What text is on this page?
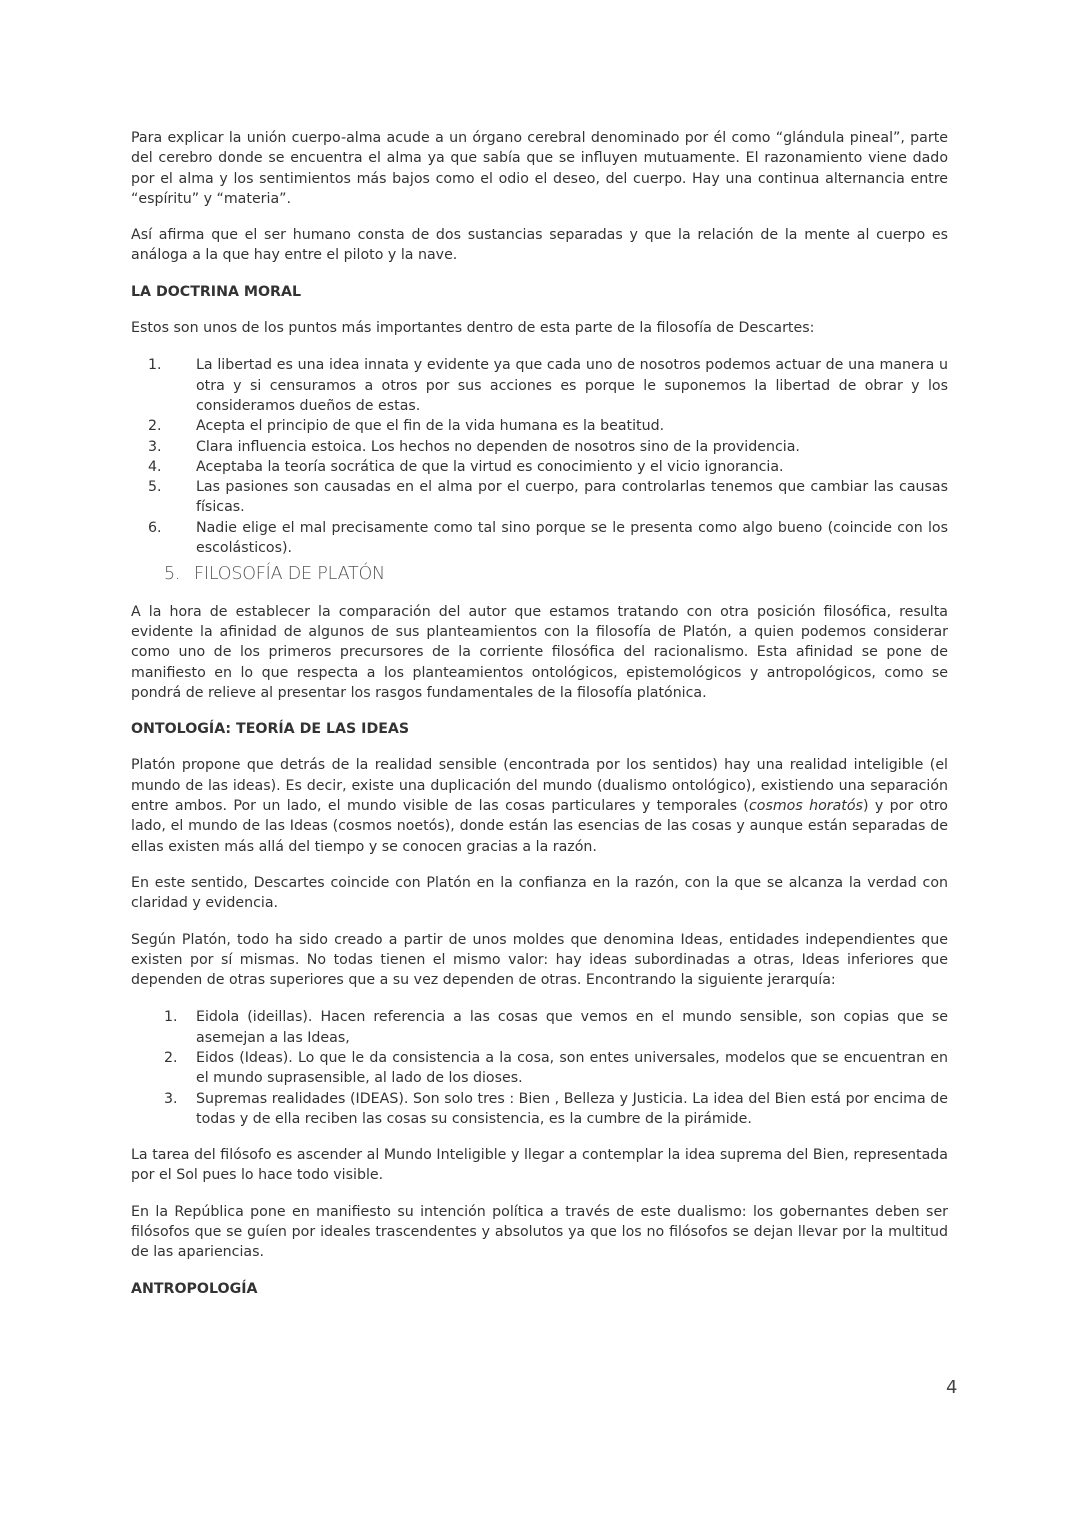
Para explicar la unión cuerpo-alma acude a un órgano cerebral denominado por él como “glándula pineal”, parte del cerebro donde se encuentra el alma ya que sabía que se influyen mutuamente. El razonamiento viene dado por el alma y los sentimientos más bajos como el odio el deseo, del cuerpo. Hay una continua alternancia entre “espíritu” y “materia”.

Así afirma que el ser humano consta de dos sustancias separadas y que la relación de la mente al cuerpo es análoga a la que hay entre el piloto y la nave.

LA DOCTRINA MORAL

Estos son unos de los puntos más importantes dentro de esta parte de la filosofía de Descartes:

1. La libertad es una idea innata y evidente ya que cada uno de nosotros podemos actuar de una manera u otra y si censuramos a otros por sus acciones es porque le suponemos la libertad de obrar y los consideramos dueños de estas.
2. Acepta el principio de que el fin de la vida humana es la beatitud.
3. Clara influencia estoica. Los hechos no dependen de nosotros sino de la providencia.
4. Aceptaba la teoría socrática de que la virtud es conocimiento y el vicio ignorancia.
5. Las pasiones son causadas en el alma por el cuerpo, para controlarlas tenemos que cambiar las causas físicas.
6. Nadie elige el mal precisamente como tal sino porque se le presenta como algo bueno (coincide con los escolásticos).
5. FILOSOFÍA DE PLATÓN

A la hora de establecer la comparación del autor que estamos tratando con otra posición filosófica, resulta evidente la afinidad de algunos de sus planteamientos con la filosofía de Platón, a quien podemos considerar como uno de los primeros precursores de la corriente filosófica del racionalismo. Esta afinidad se pone de manifiesto en lo que respecta a los planteamientos ontológicos, epistemológicos y antropológicos, como se pondrá de relieve al presentar los rasgos fundamentales de la filosofía platónica.

ONTOLOGÍA: TEORÍA DE LAS IDEAS

Platón propone que detrás de la realidad sensible (encontrada por los sentidos) hay una realidad inteligible (el mundo de las ideas). Es decir, existe una duplicación del mundo (dualismo ontológico), existiendo una separación entre ambos. Por un lado, el mundo visible de las cosas particulares y temporales (cosmos horatós) y por otro lado, el mundo de las Ideas (cosmos noetós), donde están las esencias de las cosas y aunque están separadas de ellas existen más allá del tiempo y se conocen gracias a la razón.

En este sentido, Descartes coincide con Platón en la confianza en la razón, con la que se alcanza la verdad con claridad y evidencia.

Según Platón, todo ha sido creado a partir de unos moldes que denomina Ideas, entidades independientes que existen por sí mismas. No todas tienen el mismo valor: hay ideas subordinadas a otras, Ideas inferiores que dependen de otras superiores que a su vez dependen de otras. Encontrando la siguiente jerarquía:

1. Eidola (ideillas). Hacen referencia a las cosas que vemos en el mundo sensible, son copias que se asemejan a las Ideas,
2. Eidos (Ideas). Lo que le da consistencia a la cosa, son entes universales, modelos que se encuentran en el mundo suprasensible, al lado de los dioses.
3. Supremas realidades (IDEAS). Son solo tres : Bien , Belleza y Justicia. La idea del Bien está por encima de todas y de ella reciben las cosas su consistencia, es la cumbre de la pirámide.

La tarea del filósofo es ascender al Mundo Inteligible y llegar a contemplar la idea suprema del Bien, representada por el Sol pues lo hace todo visible.

En la República pone en manifiesto su intención política a través de este dualismo: los gobernantes deben ser filósofos que se guíen por ideales trascendentes y absolutos ya que los no filósofos se dejan llevar por la multitud de las apariencias.

ANTROPOLOGÍA
4
